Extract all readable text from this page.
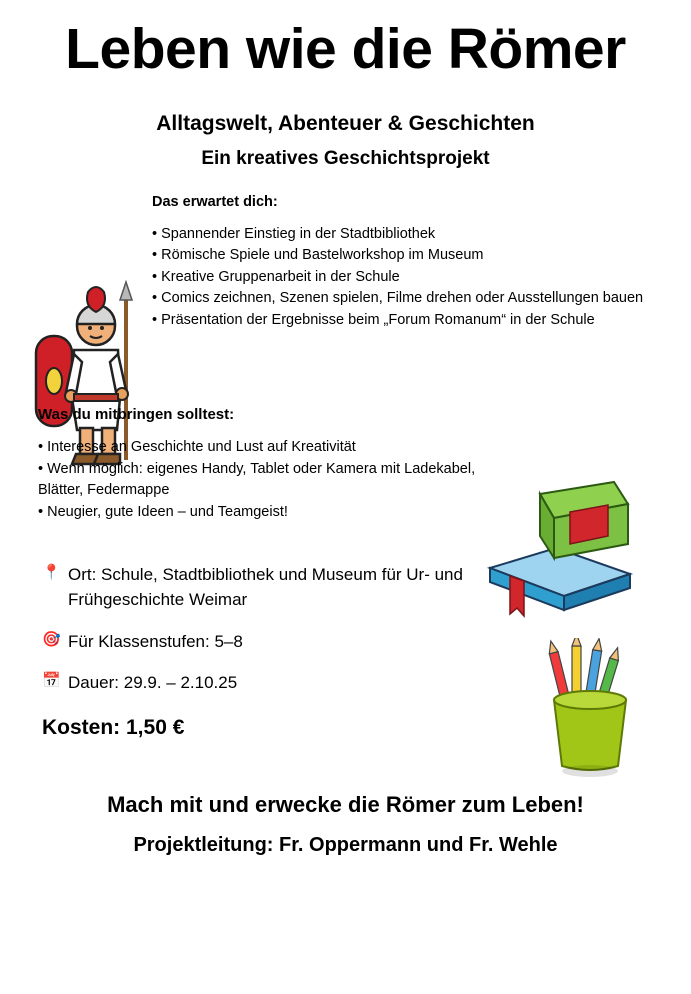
Leben wie die Römer
Alltagswelt, Abenteuer & Geschichten
Ein kreatives Geschichtsprojekt
Das erwartet dich:
• Spannender Einstieg in der Stadtbibliothek
• Römische Spiele und Bastelworkshop im Museum
• Kreative Gruppenarbeit in der Schule
• Comics zeichnen, Szenen spielen, Filme drehen oder Ausstellungen bauen
• Präsentation der Ergebnisse beim „Forum Romanum“ in der Schule
Was du mitbringen solltest:
• Interesse an Geschichte und Lust auf Kreativität
• Wenn möglich: eigenes Handy, Tablet oder Kamera mit Ladekabel, Blätter, Federmappe
• Neugier, gute Ideen – und Teamgeist!
📍 Ort: Schule, Stadtbibliothek und Museum für Ur- und Frühgeschichte Weimar
🎯 Für Klassenstufen: 5–8
📅 Dauer: 29.9. – 2.10.25
Kosten: 1,50 €
Mach mit und erwecke die Römer zum Leben!
Projektleitung: Fr. Oppermann und Fr. Wehle
